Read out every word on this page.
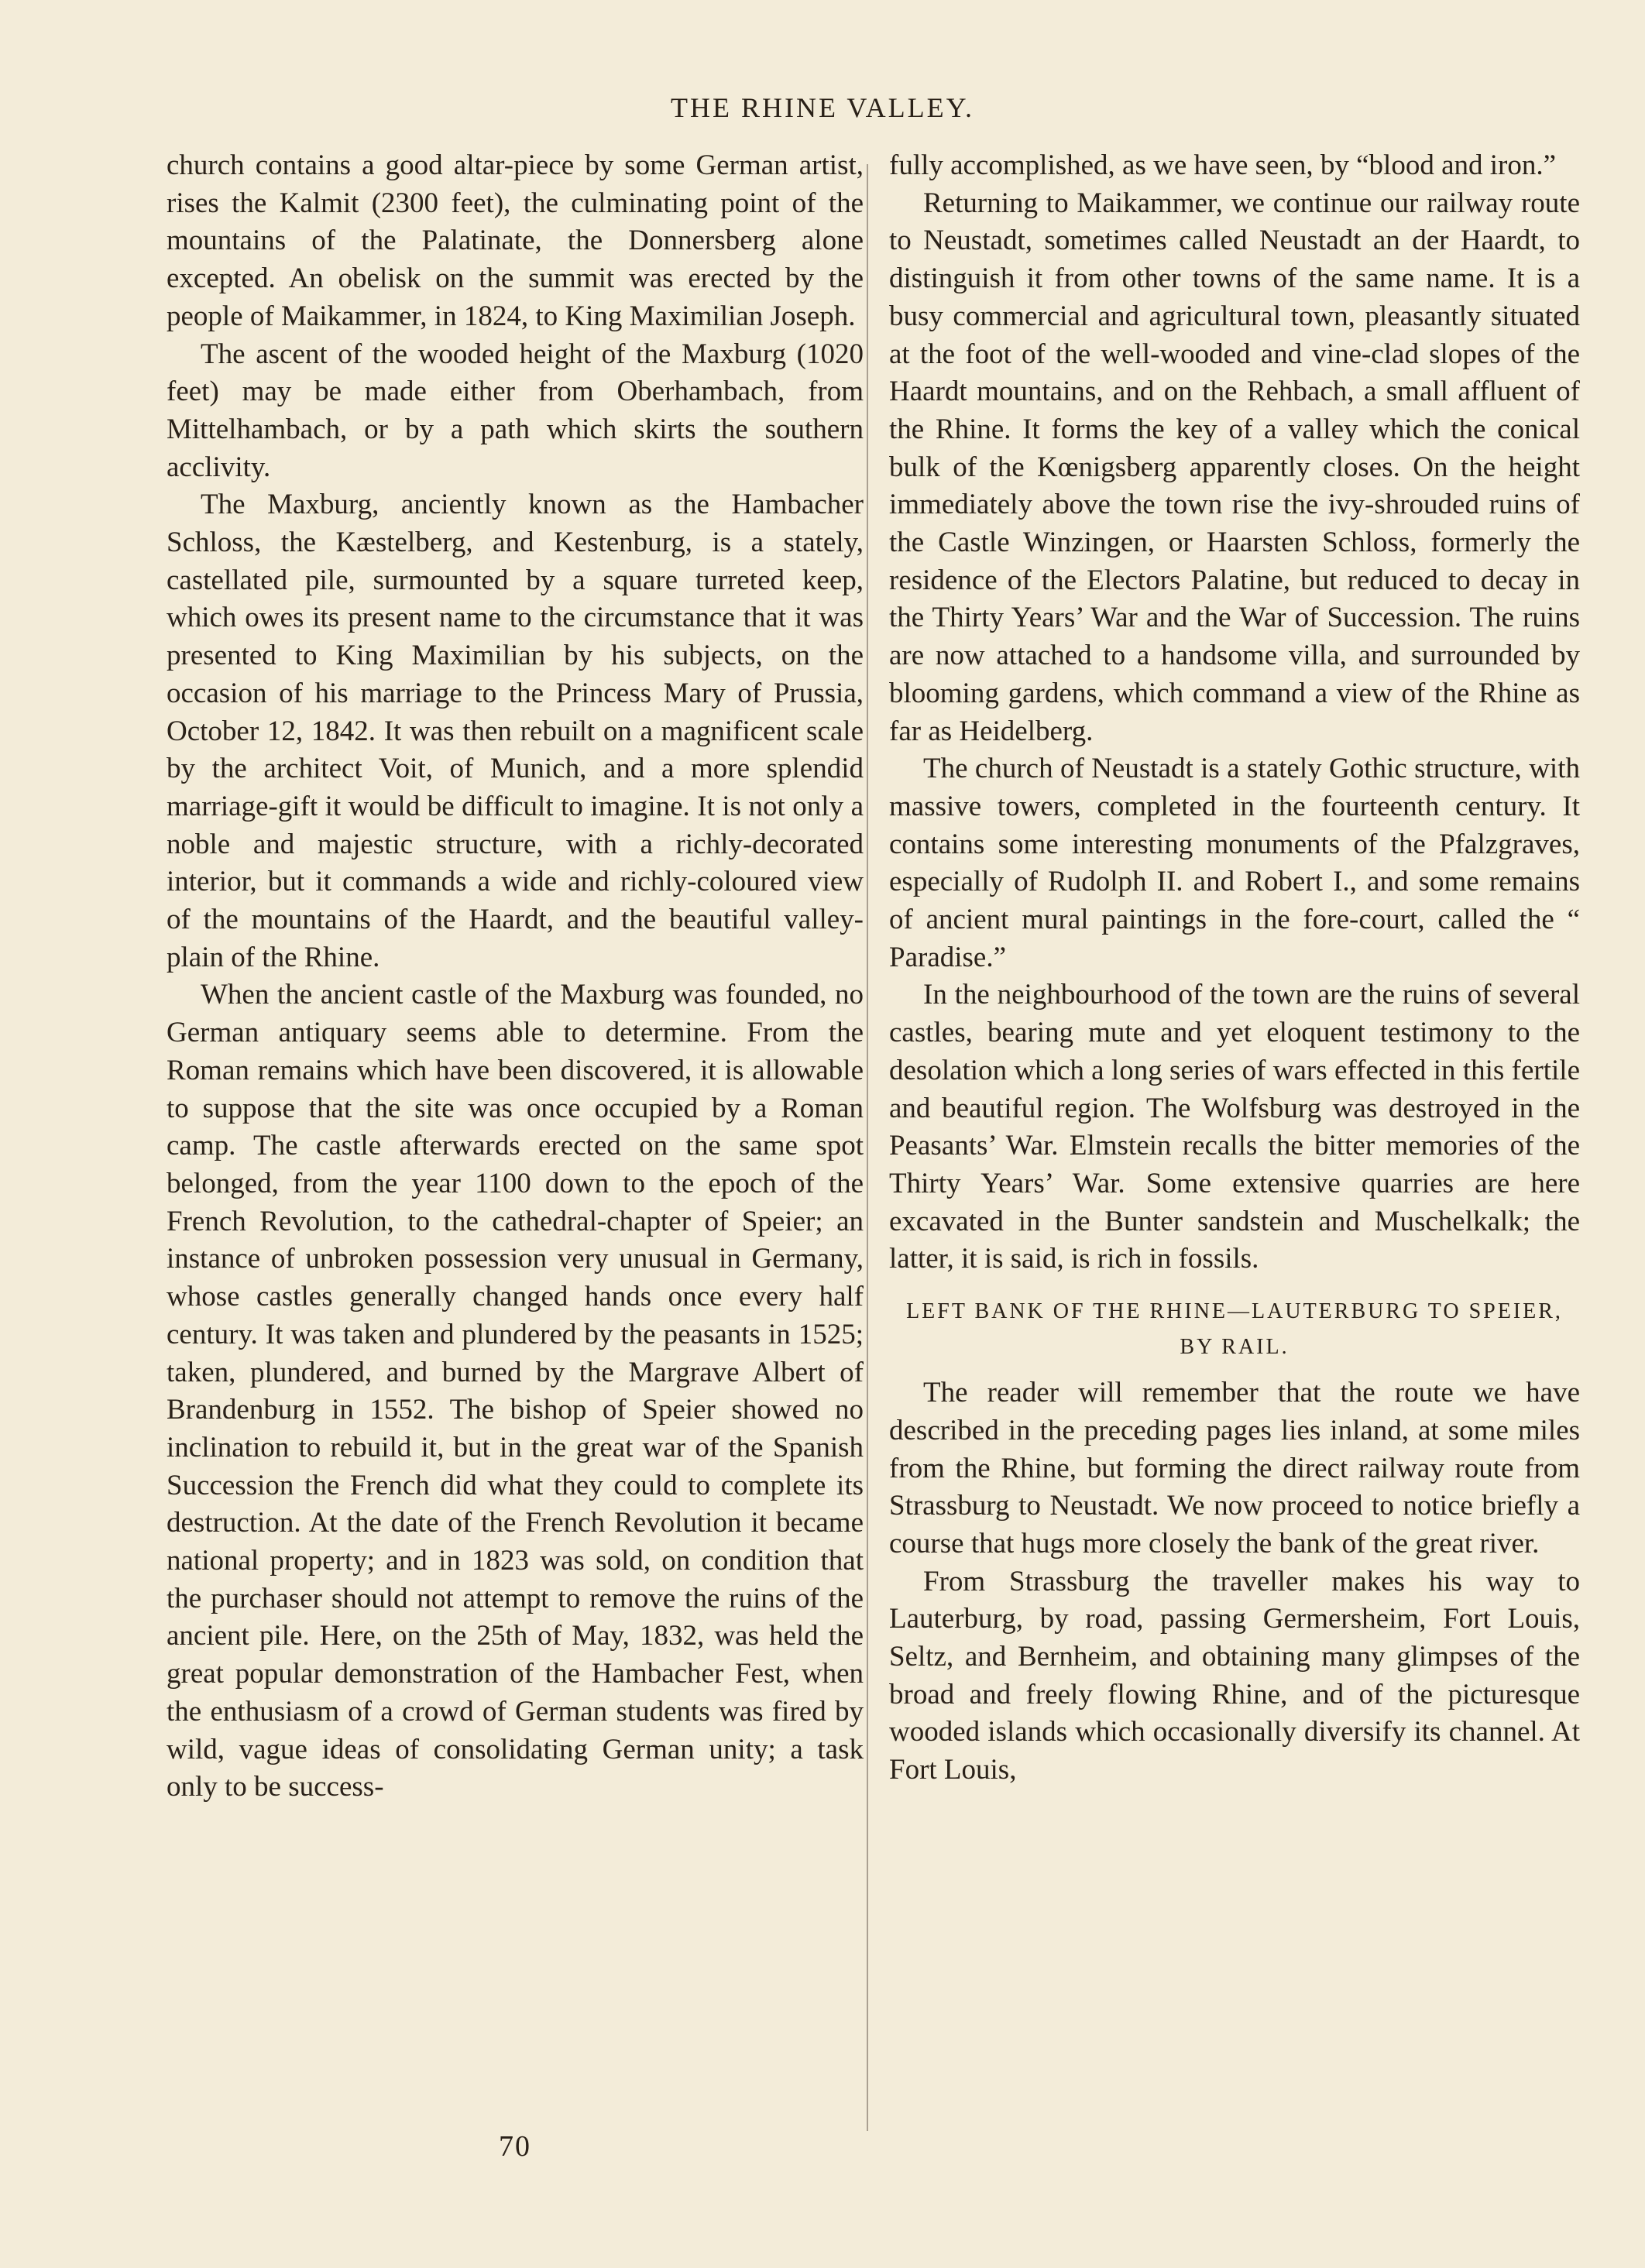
THE RHINE VALLEY.

church contains a good altar-piece by some German artist, rises the Kalmit (2300 feet), the culminating point of the mountains of the Palatinate, the Donnersberg alone excepted. An obelisk on the summit was erected by the people of Maikammer, in 1824, to King Maximilian Joseph.

The ascent of the wooded height of the Maxburg (1020 feet) may be made either from Oberhambach, from Mittelhambach, or by a path which skirts the southern acclivity.

The Maxburg, anciently known as the Hambacher Schloss, the Kæstelberg, and Kestenburg, is a stately, castellated pile, surmounted by a square turreted keep, which owes its present name to the circumstance that it was presented to King Maximilian by his subjects, on the occasion of his marriage to the Princess Mary of Prussia, October 12, 1842. It was then rebuilt on a magnificent scale by the architect Voit, of Munich, and a more splendid marriage-gift it would be difficult to imagine. It is not only a noble and majestic structure, with a richly-decorated interior, but it commands a wide and richly-coloured view of the mountains of the Haardt, and the beautiful valley-plain of the Rhine.

When the ancient castle of the Maxburg was founded, no German antiquary seems able to determine. From the Roman remains which have been discovered, it is allowable to suppose that the site was once occupied by a Roman camp. The castle afterwards erected on the same spot belonged, from the year 1100 down to the epoch of the French Revolution, to the cathedral-chapter of Speier; an instance of unbroken possession very unusual in Germany, whose castles generally changed hands once every half century. It was taken and plundered by the peasants in 1525; taken, plundered, and burned by the Margrave Albert of Brandenburg in 1552. The bishop of Speier showed no inclination to rebuild it, but in the great war of the Spanish Succession the French did what they could to complete its destruction. At the date of the French Revolution it became national property; and in 1823 was sold, on condition that the purchaser should not attempt to remove the ruins of the ancient pile. Here, on the 25th of May, 1832, was held the great popular demonstration of the Hambacher Fest, when the enthusiasm of a crowd of German students was fired by wild, vague ideas of consolidating German unity; a task only to be success-

fully accomplished, as we have seen, by “blood and iron.”

Returning to Maikammer, we continue our railway route to Neustadt, sometimes called Neustadt an der Haardt, to distinguish it from other towns of the same name. It is a busy commercial and agricultural town, pleasantly situated at the foot of the well-wooded and vine-clad slopes of the Haardt mountains, and on the Rehbach, a small affluent of the Rhine. It forms the key of a valley which the conical bulk of the Kœnigsberg apparently closes. On the height immediately above the town rise the ivy-shrouded ruins of the Castle Winzingen, or Haarsten Schloss, formerly the residence of the Electors Palatine, but reduced to decay in the Thirty Years’ War and the War of Succession. The ruins are now attached to a handsome villa, and surrounded by blooming gardens, which command a view of the Rhine as far as Heidelberg.

The church of Neustadt is a stately Gothic structure, with massive towers, completed in the fourteenth century. It contains some interesting monuments of the Pfalzgraves, especially of Rudolph II. and Robert I., and some remains of ancient mural paintings in the fore-court, called the “ Paradise.”

In the neighbourhood of the town are the ruins of several castles, bearing mute and yet eloquent testimony to the desolation which a long series of wars effected in this fertile and beautiful region. The Wolfsburg was destroyed in the Peasants’ War. Elmstein recalls the bitter memories of the Thirty Years’ War. Some extensive quarries are here excavated in the Bunter sandstein and Muschelkalk; the latter, it is said, is rich in fossils.

LEFT BANK OF THE RHINE—LAUTERBURG TO SPEIER, BY RAIL.

The reader will remember that the route we have described in the preceding pages lies inland, at some miles from the Rhine, but forming the direct railway route from Strassburg to Neustadt. We now proceed to notice briefly a course that hugs more closely the bank of the great river.

From Strassburg the traveller makes his way to Lauterburg, by road, passing Germersheim, Fort Louis, Seltz, and Bernheim, and obtaining many glimpses of the broad and freely flowing Rhine, and of the picturesque wooded islands which occasionally diversify its channel. At Fort Louis,

70
